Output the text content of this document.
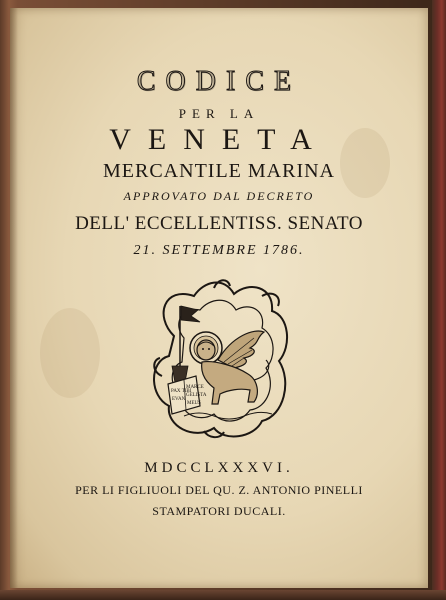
CODICE
PER LA
VENETA
MERCANTILE MARINA
APPROVATO DAL DECRETO
DELL' ECCELLENTISS. SENATO
21. SETTEMBRE 1786.
PAX TIBI
MARCE
EVAN
GELISTA
MEUS
MDCCLXXXVI.
PER LI FIGLIUOLI DEL QU. Z. ANTONIO PINELLI
STAMPATORI DUCALI.
